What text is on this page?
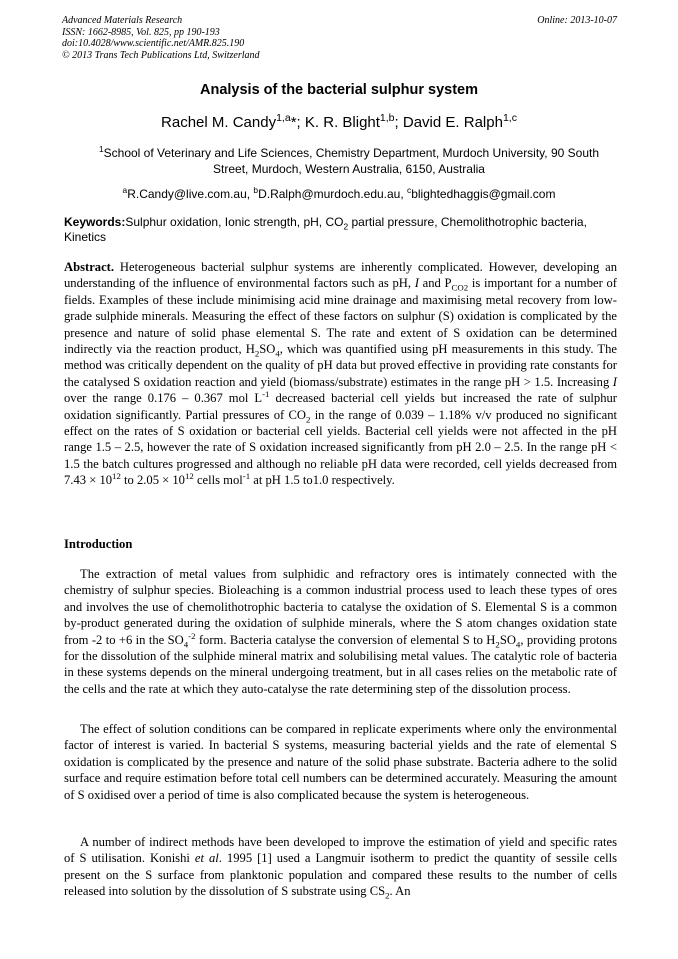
Advanced Materials Research
ISSN: 1662-8985, Vol. 825, pp 190-193
doi:10.4028/www.scientific.net/AMR.825.190
© 2013 Trans Tech Publications Ltd, Switzerland
Online: 2013-10-07
Analysis of the bacterial sulphur system
Rachel M. Candy$^{1,a}$*; K. R. Blight$^{1,b}$; David E. Ralph$^{1,c}$
$^1$School of Veterinary and Life Sciences, Chemistry Department, Murdoch University, 90 South Street, Murdoch, Western Australia, 6150, Australia
$^a$R.Candy@live.com.au, $^b$D.Ralph@murdoch.edu.au, $^c$blightedhaggis@gmail.com
Keywords:Sulphur oxidation, Ionic strength, pH, $CO_2$ partial pressure, Chemolithotrophic bacteria, Kinetics
Abstract. Heterogeneous bacterial sulphur systems are inherently complicated. However, developing an understanding of the influence of environmental factors such as pH, I and $P_{CO2}$ is important for a number of fields. Examples of these include minimising acid mine drainage and maximising metal recovery from low-grade sulphide minerals. Measuring the effect of these factors on sulphur (S) oxidation is complicated by the presence and nature of solid phase elemental S. The rate and extent of S oxidation can be determined indirectly via the reaction product, $H_2SO_4$, which was quantified using pH measurements in this study. The method was critically dependent on the quality of pH data but proved effective in providing rate constants for the catalysed S oxidation reaction and yield (biomass/substrate) estimates in the range pH > 1.5. Increasing I over the range 0.176 – 0.367 mol $L^{-1}$ decreased bacterial cell yields but increased the rate of sulphur oxidation significantly. Partial pressures of $CO_2$ in the range of 0.039 – 1.18% v/v produced no significant effect on the rates of S oxidation or bacterial cell yields. Bacterial cell yields were not affected in the pH range 1.5 – 2.5, however the rate of S oxidation increased significantly from pH 2.0 – 2.5. In the range pH < 1.5 the batch cultures progressed and although no reliable pH data were recorded, cell yields decreased from $7.43 \times 10^{12}$ to $2.05 \times 10^{12}$ cells mol$^{-1}$ at pH 1.5 to1.0 respectively.
Introduction
The extraction of metal values from sulphidic and refractory ores is intimately connected with the chemistry of sulphur species. Bioleaching is a common industrial process used to leach these types of ores and involves the use of chemolithotrophic bacteria to catalyse the oxidation of S. Elemental S is a common by-product generated during the oxidation of sulphide minerals, where the S atom changes oxidation state from -2 to +6 in the $SO_4^{-2}$ form. Bacteria catalyse the conversion of elemental S to $H_2SO_4$, providing protons for the dissolution of the sulphide mineral matrix and solubilising metal values. The catalytic role of bacteria in these systems depends on the mineral undergoing treatment, but in all cases relies on the metabolic rate of the cells and the rate at which they auto-catalyse the rate determining step of the dissolution process.
The effect of solution conditions can be compared in replicate experiments where only the environmental factor of interest is varied. In bacterial S systems, measuring bacterial yields and the rate of elemental S oxidation is complicated by the presence and nature of the solid phase substrate. Bacteria adhere to the solid surface and require estimation before total cell numbers can be determined accurately. Measuring the amount of S oxidised over a period of time is also complicated because the system is heterogeneous.
A number of indirect methods have been developed to improve the estimation of yield and specific rates of S utilisation. Konishi et al. 1995 [1] used a Langmuir isotherm to predict the quantity of sessile cells present on the S surface from planktonic population and compared these results to the number of cells released into solution by the dissolution of S substrate using $CS_2$. An
